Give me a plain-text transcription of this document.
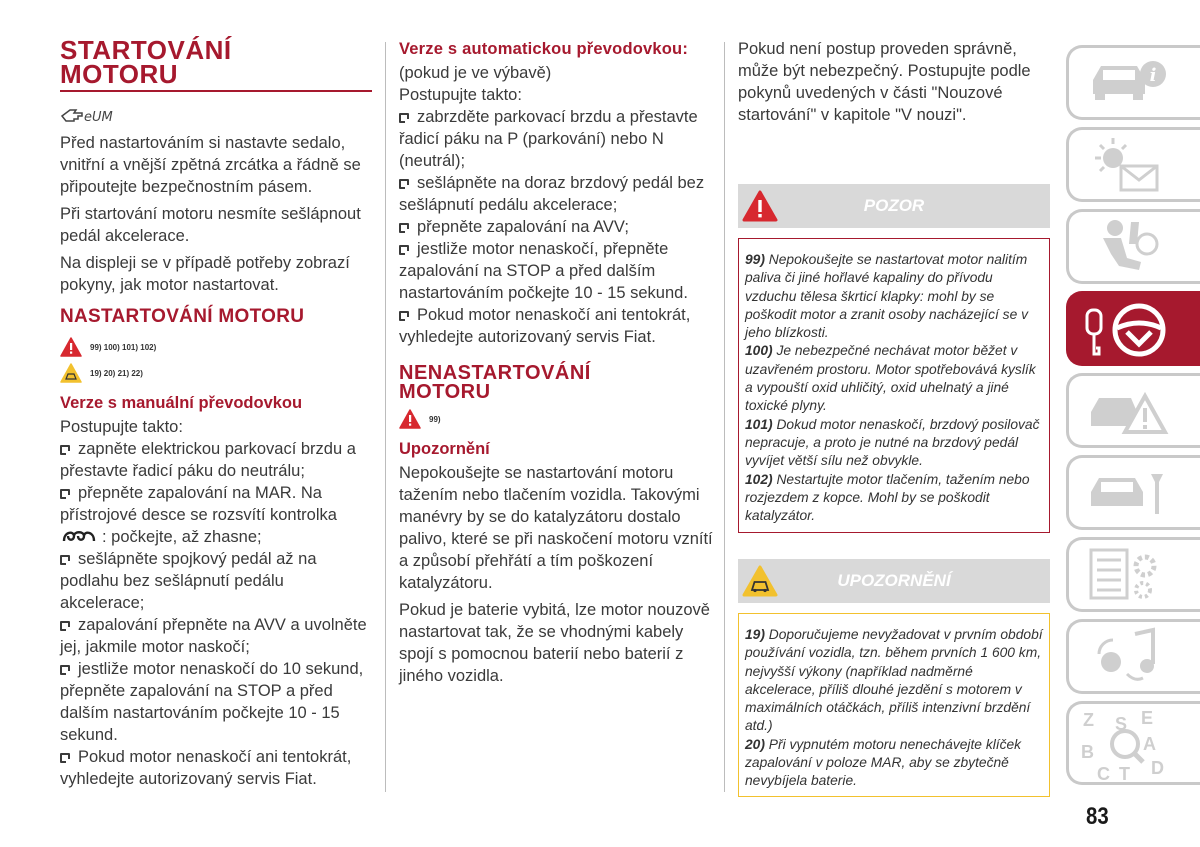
STARTOVÁNÍ
MOTORU
eUM

Před nastartováním si nastavte sedalo, vnitřní a vnější zpětná zrcátka a řádně se připoutejte bezpečnostním pásem.

Při startování motoru nesmíte sešlápnout pedál akcelerace.

Na displeji se v případě potřeby zobrazí pokyny, jak motor nastartovat.

NASTARTOVÁNÍ MOTORU
99) 100) 101) 102)
19) 20) 21) 22)
Verze s manuální převodovkou

Postupujte takto:

zapněte elektrickou parkovací brzdu a přestavte řadicí páku do neutrálu;

přepněte zapalování na MAR. Na přístrojové desce se rozsvítí kontrolka

: počkejte, až zhasne;

sešlápněte spojkový pedál až na podlahu bez sešlápnutí pedálu akcelerace;

zapalování přepněte na AVV a uvolněte jej, jakmile motor naskočí;

jestliže motor nenaskočí do 10 sekund, přepněte zapalování na STOP a před dalším nastartováním počkejte 10 - 15 sekund.

Pokud motor nenaskočí ani tentokrát, vyhledejte autorizovaný servis Fiat.

Verze s automatickou převodovkou:

(pokud je ve výbavě)

Postupujte takto:

zabrzděte parkovací brzdu a přestavte řadicí páku na P (parkování) nebo N (neutrál);

sešlápněte na doraz brzdový pedál bez sešlápnutí pedálu akcelerace;

přepněte zapalování na AVV;

jestliže motor nenaskočí, přepněte zapalování na STOP a před dalším nastartováním počkejte 10 - 15 sekund.

Pokud motor nenaskočí ani tentokrát, vyhledejte autorizovaný servis Fiat.

NENASTARTOVÁNÍ
MOTORU
99)
Upozornění

Nepokoušejte se nastartování motoru tažením nebo tlačením vozidla. Takovými manévry by se do katalyzátoru dostalo palivo, které se při naskočení motoru vznítí a způsobí přehřátí a tím poškození katalyzátoru.

Pokud je baterie vybitá, lze motor nouzově nastartovat tak, že se vhodnými kabely spojí s pomocnou baterií nebo baterií z jiného vozidla.

Pokud není postup proveden správně, může být nebezpečný. Postupujte podle pokynů uvedených v části "Nouzové startování" v kapitole "V nouzi".

POZOR
99) Nepokoušejte se nastartovat motor nalitím paliva či jiné hořlavé kapaliny do přívodu vzduchu tělesa škrticí klapky: mohl by se poškodit motor a zranit osoby nacházející se v jeho blízkosti.
100) Je nebezpečné nechávat motor běžet v uzavřeném prostoru. Motor spotřebovává kyslík a vypouští oxid uhličitý, oxid uhelnatý a jiné toxické plyny.
101) Dokud motor nenaskočí, brzdový posilovač nepracuje, a proto je nutné na brzdový pedál vyvíjet větší sílu než obvykle.
102) Nestartujte motor tlačením, tažením nebo rozjezdem z kopce. Mohl by se poškodit katalyzátor.
UPOZORNĚNÍ
19) Doporučujeme nevyžadovat v prvním období používání vozidla, tzn. během prvních 1 600 km, nejvyšší výkony (například nadměrné akcelerace, příliš dlouhé jezdění s motorem v maximálních otáčkách, příliš intenzivní brzdění atd.)
20) Při vypnutém motoru nenechávejte klíček zapalování v poloze MAR, aby se zbytečně nevybíjela baterie.
i
Z	E
S
B	A
C T D
83
